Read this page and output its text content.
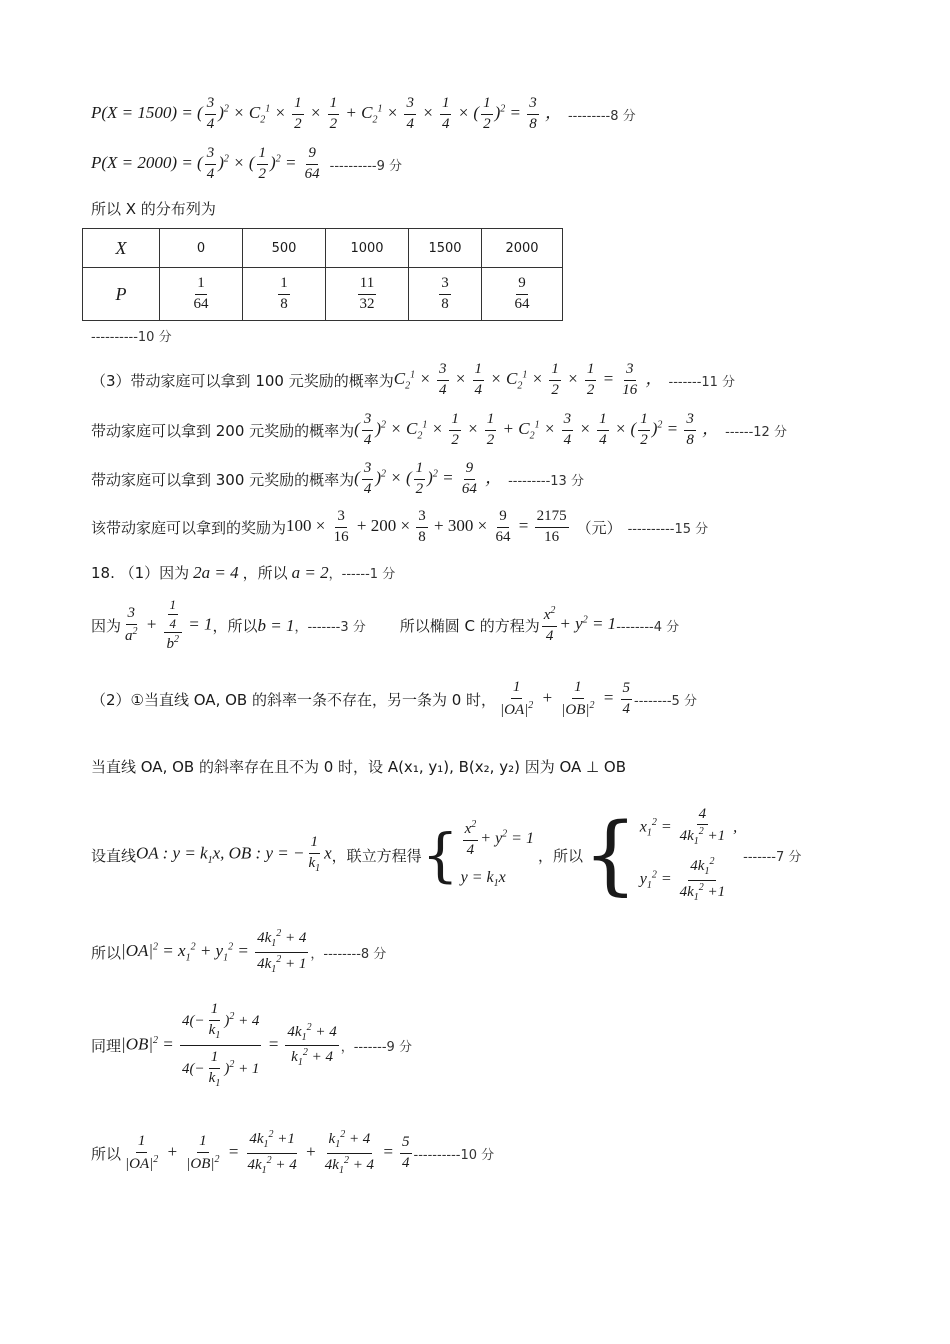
P(X = 1500) = ( $\frac{3}{4} )^2 \times C_2^1 \times \frac{1}{2} \times \frac{1}{2} + C_2^1 \times \frac{3}{4} \times \frac{1}{4}$ × ( $\frac{1}{2} )^2 = \frac{3}{8}$ ， ---------8 分
P(X = 2000) = ( $\frac{3}{4} )^2$ × ( $\frac{1}{2} )^2 = \frac{9}{64} ----------9$ 分
所以 X 的分布列为
X	0	500	1000	1500	2000
P	$\frac{1}{64}$	$\frac{1}{8}$	$\frac{11}{32}$	$\frac{3}{8}$	$\frac{9}{64}$
----------10 分
（3）带动家庭可以拿到 100 元奖励的概率为 $C_2^1 \times \frac{3}{4} \times \frac{1}{4} \times C_2^1 \times \frac{1}{2} \times \frac{1}{2} = \frac{3}{16}$ ， -------11 分
带动家庭可以拿到 200 元奖励的概率为 ( $\frac{3}{4} )^2 \times C_2^1 \times \frac{1}{2} \times \frac{1}{2} + C_2^1 \times \frac{3}{4} \times \frac{1}{4}$ × ( $\frac{1}{2} )^2 = \frac{3}{8}$ ， ------12 分
带动家庭可以拿到 300 元奖励的概率为 ( $\frac{3}{4} )^2$ × ( $\frac{1}{2} )^2 = \frac{9}{64}$ ， ---------13 分
该带动家庭可以拿到的奖励为 $100 \times \frac{3}{16} + 200 \times \frac{3}{8} + 300 \times \frac{9}{64} = \frac{2175}{16}$ （元） ----------15 分
18. （1）因为 2a = 4 ，所以 a = 2 ，------1 分
因为 $\frac{3}{a^2} + \frac{\frac{1}{4}}{b^2} = 1$ ，所以 b = 1 ，-------3 分 所以椭圆 C 的方程为 $\frac{x^2}{4} + y^2 = 1$ --------4 分
（2）①当直线 OA, OB 的斜率一条不存在，另一条为 0 时， $\frac{1}{|OA|^2} + \frac{1}{|OB|^2} = \frac{5}{4} --------5$ 分
当直线 OA, OB 的斜率存在且不为 0 时，设 A(x₁, y₁), B(x₂, y₂) 因为 OA ⊥ OB
设直线 OA : $y = k_1x$, OB : y = − $\frac{1}{k_1}$ x ，联立方程得 { $\frac{x^2}{4} + y^2 = 1$
$y = k_1x$
，所以 { $x_1^2 = \frac{4}{4k_1^2 +1}$ ,
$y_1^2 = \frac{4k_1^2}{4k_1^2 +1}$
-------7 分
所以 $|OA|^2 = x_1^2 + y_1^2 = \frac{4k_1^2 + 4}{4k_1^2 + 1}$ ，--------8 分
同理 $|OB|^2 = \frac{4(- \frac{1}{k_1} )^2 + 4}{4(- \frac{1}{k_1} )^2 + 1} = \frac{4k_1^2 + 4}{k_1^2 + 4}$ ，-------9 分
所以 $\frac{1}{|OA|^2} + \frac{1}{|OB|^2} = \frac{4k_1^2 +1}{4k_1^2 + 4} + \frac{k_1^2 + 4}{4k_1^2 + 4} = \frac{5}{4} ----------10$ 分
